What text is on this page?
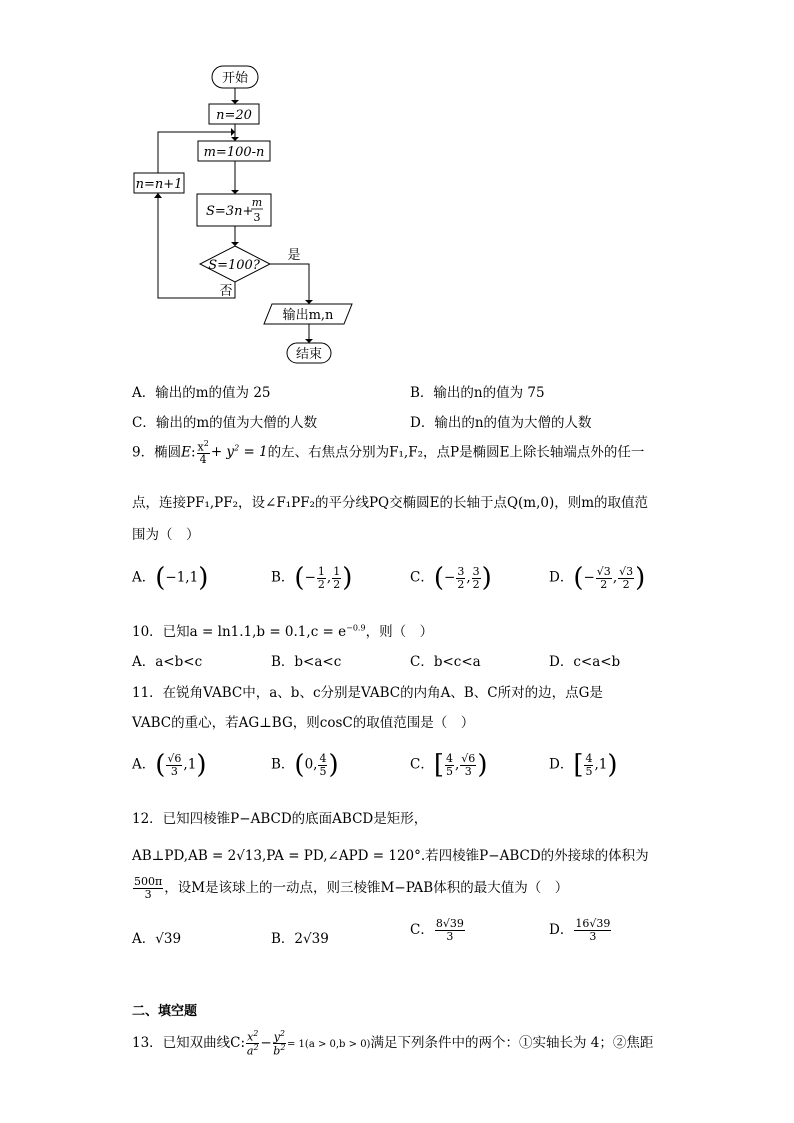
开始
n=20
m=100-n
S=3n+
m
3
S=100?
是
否
n=n+1
输出m,n
结束
A．输出的m的值为 25	B．输出的n的值为 75
C．输出的m的值为大僧的人数	D．输出的n的值为大僧的人数
9．椭圆E: $\frac{x^2}{4} + y^2 = 1$的左、右焦点分别为F₁,F₂，点P是椭圆E上除长轴端点外的任一
点，连接PF₁,PF₂，设∠F₁PF₂的平分线PQ交椭圆E的长轴于点Q(m,0)，则m的取值范
围为（　）
A．(−1,1)	B．(− $\frac{1}{2}$ , $\frac{1}{2}$ )	C．(− $\frac{3}{2}$ , $\frac{3}{2}$ )	D．(− $\frac{√3}{2}$ , $\frac{√3}{2}$ )
10．已知$a = \ln 1.1,b = 0.1,c = e^{-0.9}$，则（　）
A．a<b<c	B．b<a<c	C．b<c<a	D．c<a<b
11．在锐角VABC中，a、b、c分别是VABC的内角A、B、C所对的边，点G是
VABC的重心，若AG⊥BG，则cosC的取值范围是（　）
A．( $\frac{√6}{3} ,1$)	B．(0, $\frac{4}{5}$ )	C．[ $\frac{4}{5}$ , $\frac{√6}{3}$ )	D．[ $\frac{4}{5} ,1$)
12．已知四棱锥P−ABCD的底面ABCD是矩形，
AB⊥PD,AB = 2√13,PA = PD,∠APD = 120°.若四棱锥P−ABCD的外接球的体积为
$\frac{500\pi}{3}$ ，设M是该球上的一动点，则三棱锥M−PAB体积的最大值为（　）
A．√39	B．2√39
C． $\frac{8√39}{3}$	D． $\frac{16√39}{3}$
二、填空题
13．已知双曲线C: $\frac{x^2}{a^2} - \frac{y^2}{b^2} = 1(a > 0,b > 0)$满足下列条件中的两个：①实轴长为 4；②焦距
